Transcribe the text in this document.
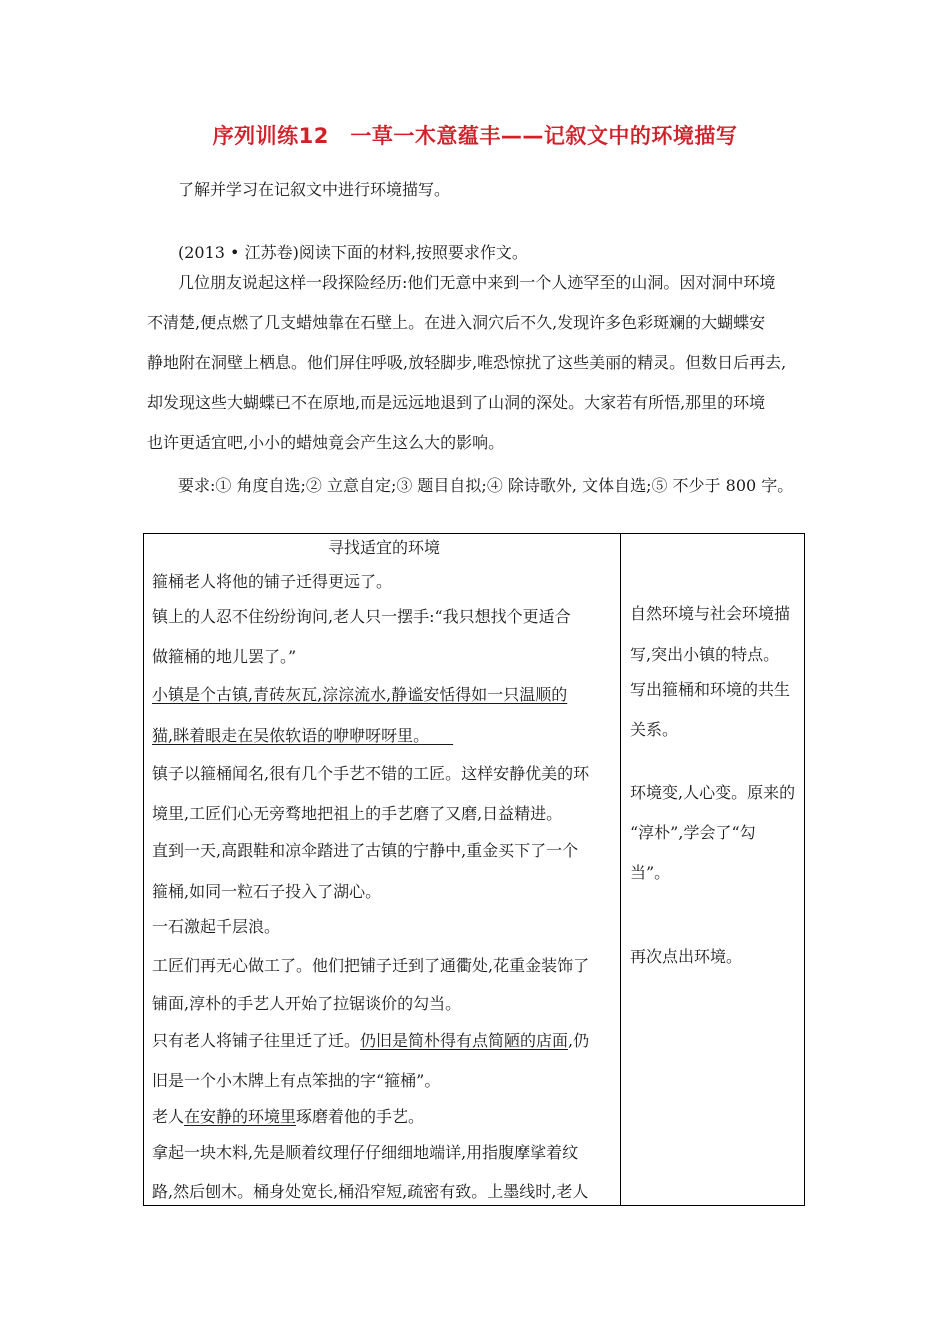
序列训练12　一草一木意蕴丰——记叙文中的环境描写
了解并学习在记叙文中进行环境描写。
(2013 • 江苏卷)阅读下面的材料,按照要求作文。
几位朋友说起这样一段探险经历:他们无意中来到一个人迹罕至的山洞。因对洞中环境
不清楚,便点燃了几支蜡烛靠在石壁上。在进入洞穴后不久,发现许多色彩斑斓的大蝴蝶安
静地附在洞壁上栖息。他们屏住呼吸,放轻脚步,唯恐惊扰了这些美丽的精灵。但数日后再去,
却发现这些大蝴蝶已不在原地,而是远远地退到了山洞的深处。大家若有所悟,那里的环境
也许更适宜吧,小小的蜡烛竟会产生这么大的影响。
要求:① 角度自选;② 立意自定;③ 题目自拟;④ 除诗歌外, 文体自选;⑤ 不少于 800 字。
寻找适宜的环境
箍桶老人将他的铺子迁得更远了。
镇上的人忍不住纷纷询问,老人只一摆手:“我只想找个更适合
做箍桶的地儿罢了。”
小镇是个古镇,青砖灰瓦,淙淙流水,静谧安恬得如一只温顺的
猫,眯着眼走在吴侬软语的咿咿呀呀里。　　
镇子以箍桶闻名,很有几个手艺不错的工匠。这样安静优美的环
境里,工匠们心无旁骛地把祖上的手艺磨了又磨,日益精进。
直到一天,高跟鞋和凉伞踏进了古镇的宁静中,重金买下了一个
箍桶,如同一粒石子投入了湖心。
一石激起千层浪。
工匠们再无心做工了。他们把铺子迁到了通衢处,花重金装饰了
铺面,淳朴的手艺人开始了拉锯谈价的勾当。
只有老人将铺子往里迁了迁。仍旧是简朴得有点简陋的店面,仍
旧是一个小木牌上有点笨拙的字“箍桶”。
老人在安静的环境里琢磨着他的手艺。
拿起一块木料,先是顺着纹理仔仔细细地端详,用指腹摩挲着纹
路,然后刨木。桶身处宽长,桶沿窄短,疏密有致。上墨线时,老人
自然环境与社会环境描
写,突出小镇的特点。
写出箍桶和环境的共生
关系。
环境变,人心变。原来的
“淳朴”,学会了“勾
当”。
再次点出环境。
